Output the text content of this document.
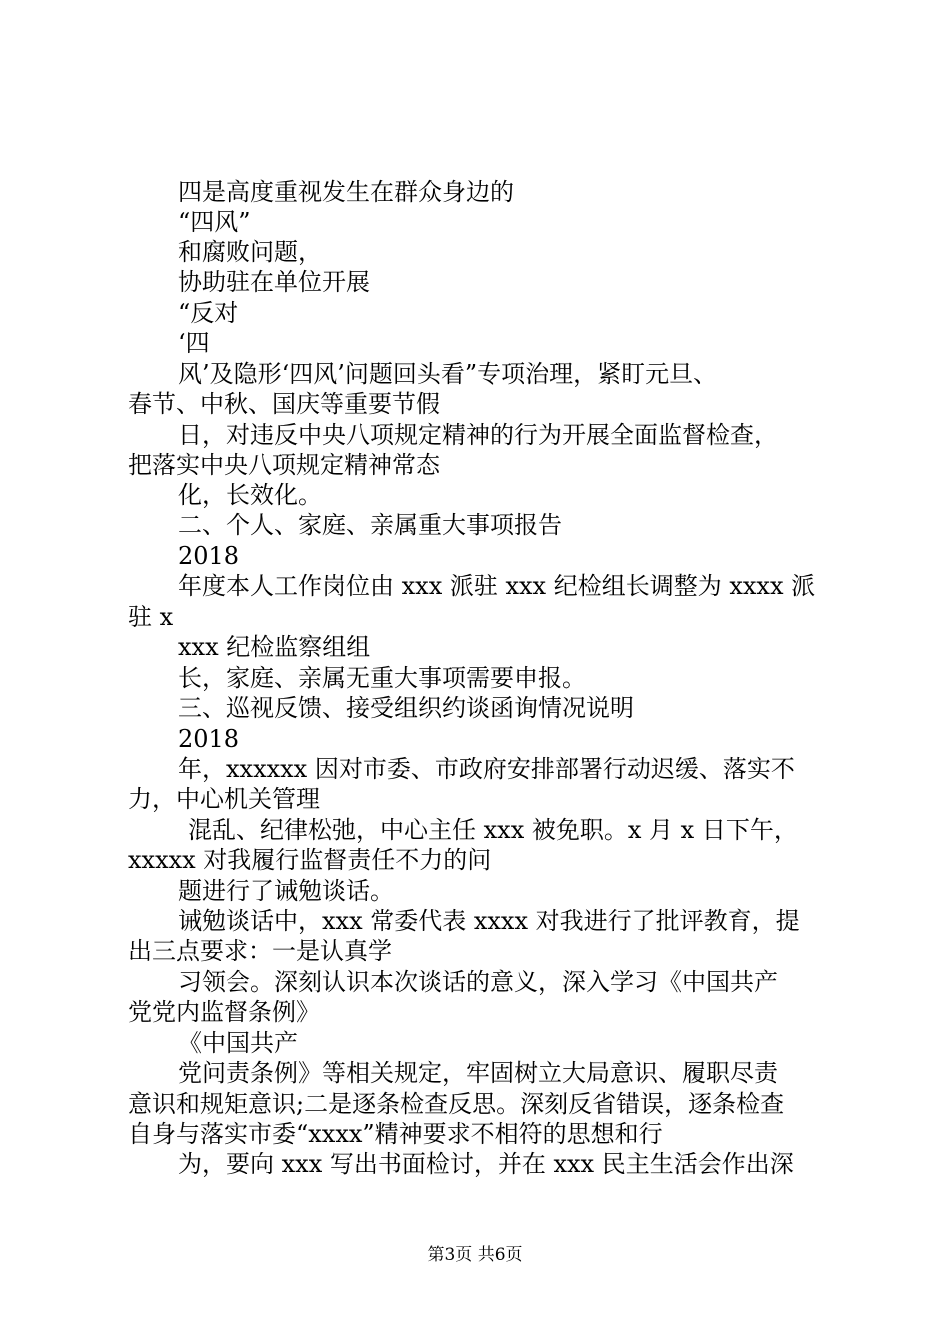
四是高度重视发生在群众身边的
“四风”
和腐败问题，
协助驻在单位开展
“反对
‘四
风’及隐形‘四风’问题回头看”专项治理，紧盯元旦、
春节、中秋、国庆等重要节假
日，对违反中央八项规定精神的行为开展全面监督检查，
把落实中央八项规定精神常态
化，长效化。
二、个人、家庭、亲属重大事项报告
2018
年度本人工作岗位由 xxx 派驻 xxx 纪检组长调整为 xxxx 派
驻 x
xxx 纪检监察组组
长，家庭、亲属无重大事项需要申报。
三、巡视反馈、接受组织约谈函询情况说明
2018
年，xxxxxx 因对市委、市政府安排部署行动迟缓、落实不
力，中心机关管理
混乱、纪律松弛，中心主任 xxx 被免职。x 月 x 日下午，
xxxxx 对我履行监督责任不力的问
题进行了诫勉谈话。
诫勉谈话中，xxx 常委代表 xxxx 对我进行了批评教育，提
出三点要求：一是认真学
习领会。深刻认识本次谈话的意义，深入学习《中国共产
党党内监督条例》
《中国共产
党问责条例》等相关规定，牢固树立大局意识、履职尽责
意识和规矩意识;二是逐条检查反思。深刻反省错误，逐条检查
自身与落实市委“xxxx”精神要求不相符的思想和行
为，要向 xxx 写出书面检讨，并在 xxx 民主生活会作出深
第3页 共6页
